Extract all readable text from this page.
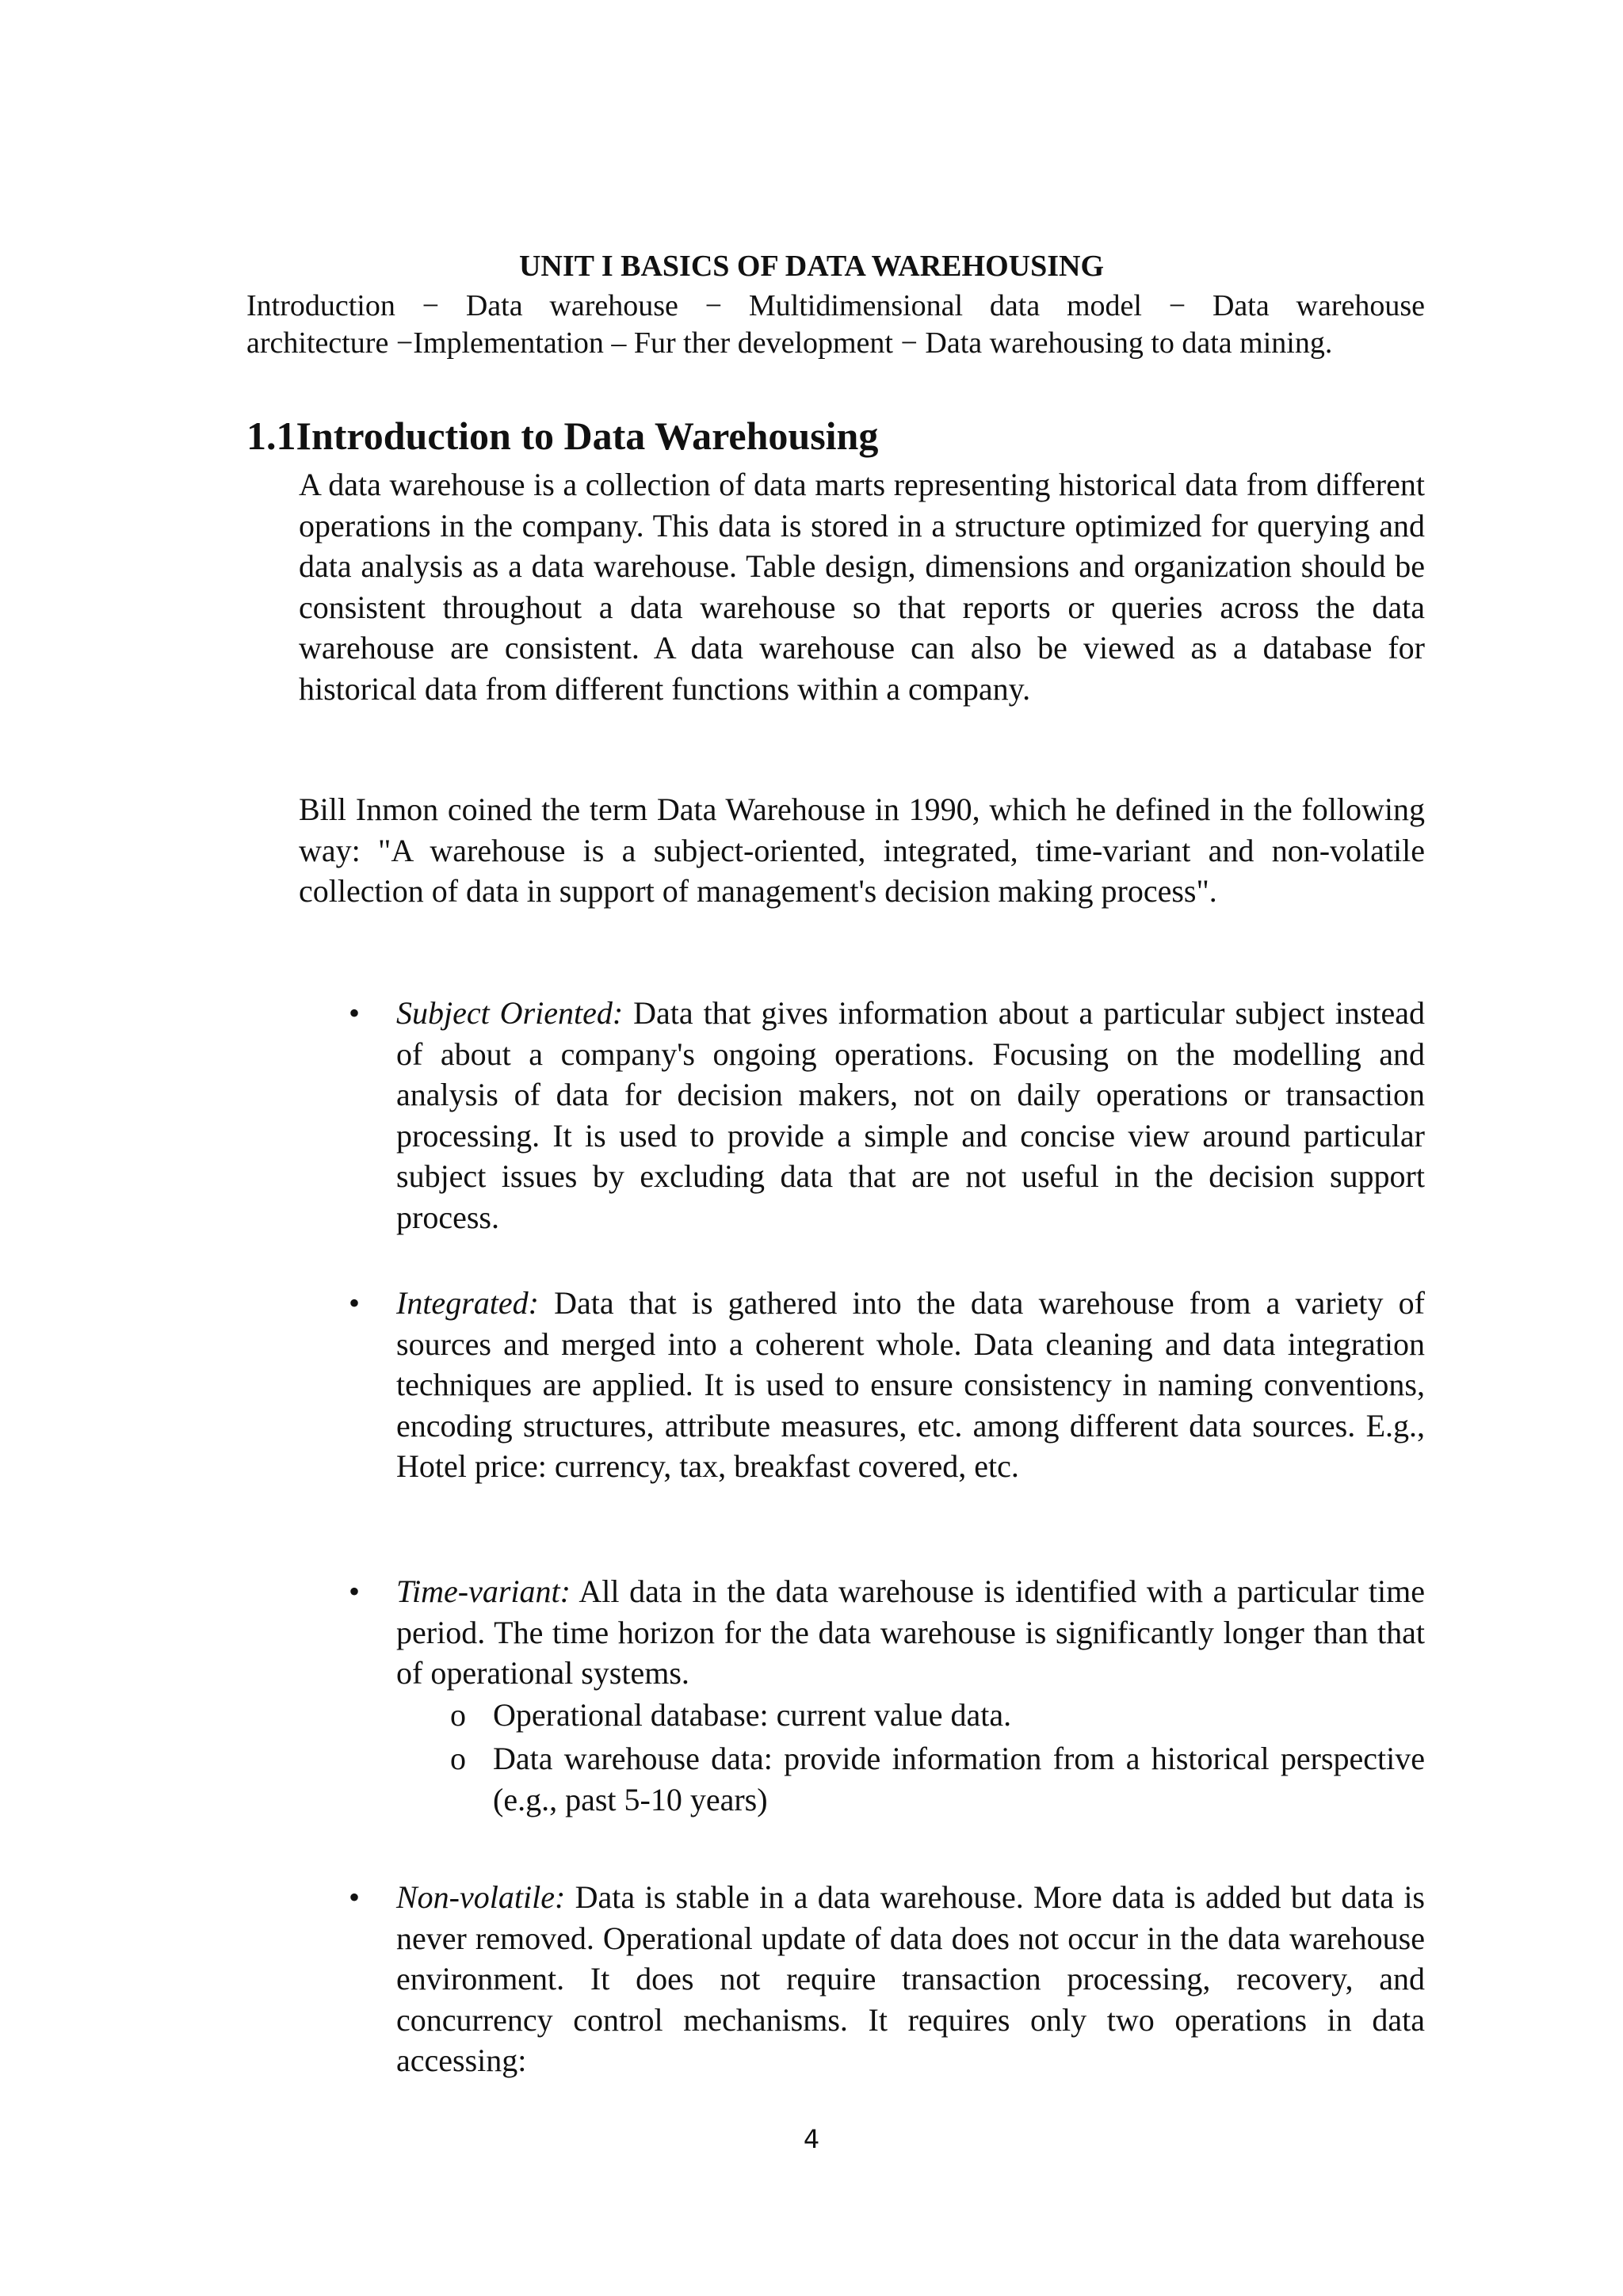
UNIT I BASICS OF DATA WAREHOUSING
Introduction − Data warehouse − Multidimensional data model − Data warehouse
architecture −Implementation – Fur ther development − Data warehousing to data mining.
1.1Introduction to Data Warehousing
A data warehouse is a collection of data marts representing historical data from different operations in the company. This data is stored in a structure optimized for querying and data analysis as a data warehouse. Table design, dimensions and organization should be consistent throughout a data warehouse so that reports or queries across the data warehouse are consistent. A data warehouse can also be viewed as a database for historical data from different functions within a company.
Bill Inmon coined the term Data Warehouse in 1990, which he defined in the following way: "A warehouse is a subject-oriented, integrated, time-variant and non-volatile collection of data in support of management's decision making process".
• Subject Oriented: Data that gives information about a particular subject instead of about a company's ongoing operations. Focusing on the modelling and analysis of data for decision makers, not on daily operations or transaction processing. It is used to provide a simple and concise view around particular subject issues by excluding data that are not useful in the decision support process.
• Integrated: Data that is gathered into the data warehouse from a variety of sources and merged into a coherent whole. Data cleaning and data integration techniques are applied. It is used to ensure consistency in naming conventions, encoding structures, attribute measures, etc. among different data sources. E.g., Hotel price: currency, tax, breakfast covered, etc.
• Time-variant: All data in the data warehouse is identified with a particular time period. The time horizon for the data warehouse is significantly longer than that of operational systems.
o Operational database: current value data.
o Data warehouse data: provide information from a historical perspective (e.g., past 5-10 years)
• Non-volatile: Data is stable in a data warehouse. More data is added but data is never removed. Operational update of data does not occur in the data warehouse environment. It does not require transaction processing, recovery, and concurrency control mechanisms. It requires only two operations in data accessing:
4
